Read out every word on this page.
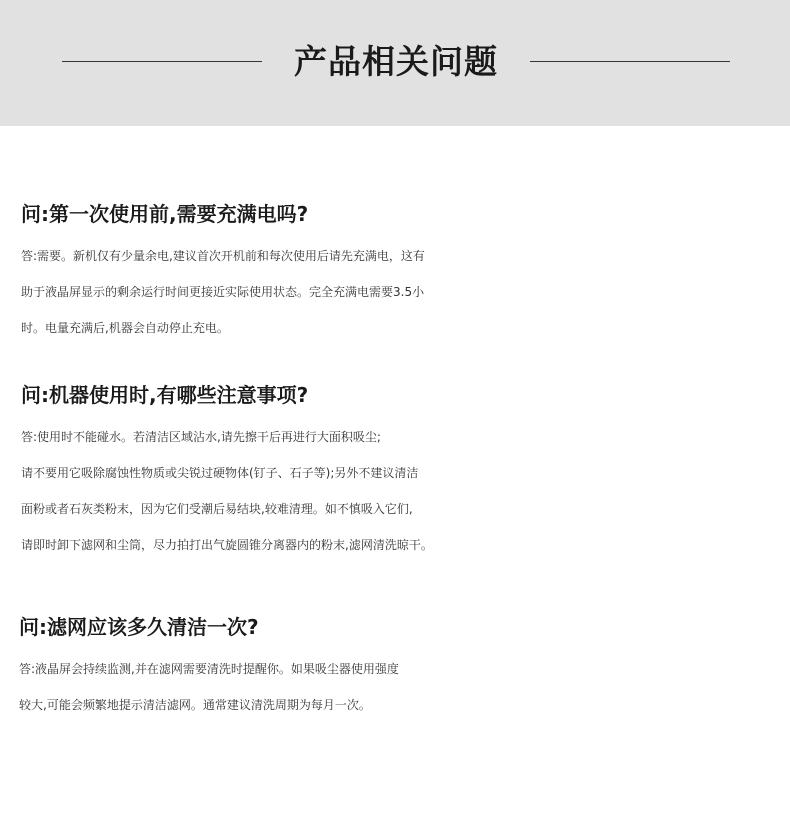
产品相关问题
问:第一次使用前,需要充满电吗?
答:需要。新机仅有少量余电,建议首次开机前和每次使用后请先充满电，这有
助于液晶屏显示的剩余运行时间更接近实际使用状态。完全充满电需要3.5小
时。电量充满后,机器会自动停止充电。
问:机器使用时,有哪些注意事项?
答:使用时不能碰水。若清洁区域沾水,请先擦干后再进行大面积吸尘;
请不要用它吸除腐蚀性物质或尖锐过硬物体(钉子、石子等);另外不建议清洁
面粉或者石灰类粉末，因为它们受潮后易结块,较难清理。如不慎吸入它们,
请即时卸下滤网和尘筒，尽力拍打出气旋圆锥分离器内的粉末,滤网清洗晾干。
问:滤网应该多久清洁一次?
答:液晶屏会持续监测,并在滤网需要清洗时提醒你。如果吸尘器使用强度
较大,可能会频繁地提示清洁滤网。通常建议清洗周期为每月一次。
